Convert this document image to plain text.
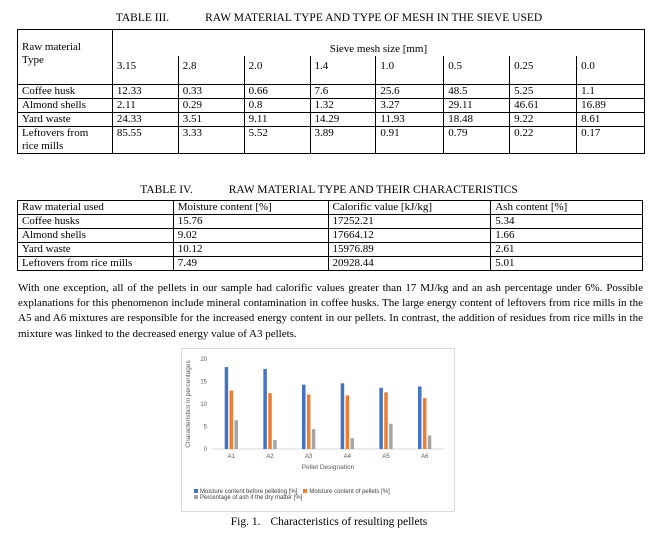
TABLE III.	RAW MATERIAL TYPE AND TYPE OF MESH IN THE SIEVE USED
Raw material
Type	Sieve mesh size [mm]							
	3.15	2.8	2.0	1.4	1.0	0.5	0.25	0.0
Coffee husk	12.33	0.33	0.66	7.6	25.6	48.5	5.25	1.1
Almond shells	2.11	0.29	0.8	1.32	3.27	29.11	46.61	16.89
Yard waste	24.33	3.51	9.11	14.29	11.93	18.48	9.22	8.61
Leftovers from
rice mills	85.55	3.33	5.52	3.89	0.91	0.79	0.22	0.17
TABLE IV.	RAW MATERIAL TYPE AND THEIR CHARACTERISTICS
Raw material used	Moisture content [%]	Calorific value [kJ/kg]	Ash content [%]
Coffee husks	15.76	17252.21	5.34
Almond shells	9.02	17664.12	1.66
Yard waste	10.12	15976.89	2.61
Leftovers from rice mills	7.49	20928.44	5.01
With one exception, all of the pellets in our sample had calorific values greater than 17 MJ/kg and an ash percentage under 6%. Possible explanations for this phenomenon include mineral contamination in coffee husks. The large energy content of leftovers from rice mills in the A5 and A6 mixtures are responsible for the increased energy content in our pellets. In contrast, the addition of residues from rice mills in the mixture was linked to the decreased energy value of A3 pellets.
0
5
10
15
20
A1	A2	A3	A4	A5	A6
Pellet Designation
Characteristics in percentages
Moisture content before pelleting [%] Moisture content of pellets [%]
Percentage of ash if the dry matter [%]
Fig. 1. Characteristics of resulting pellets
